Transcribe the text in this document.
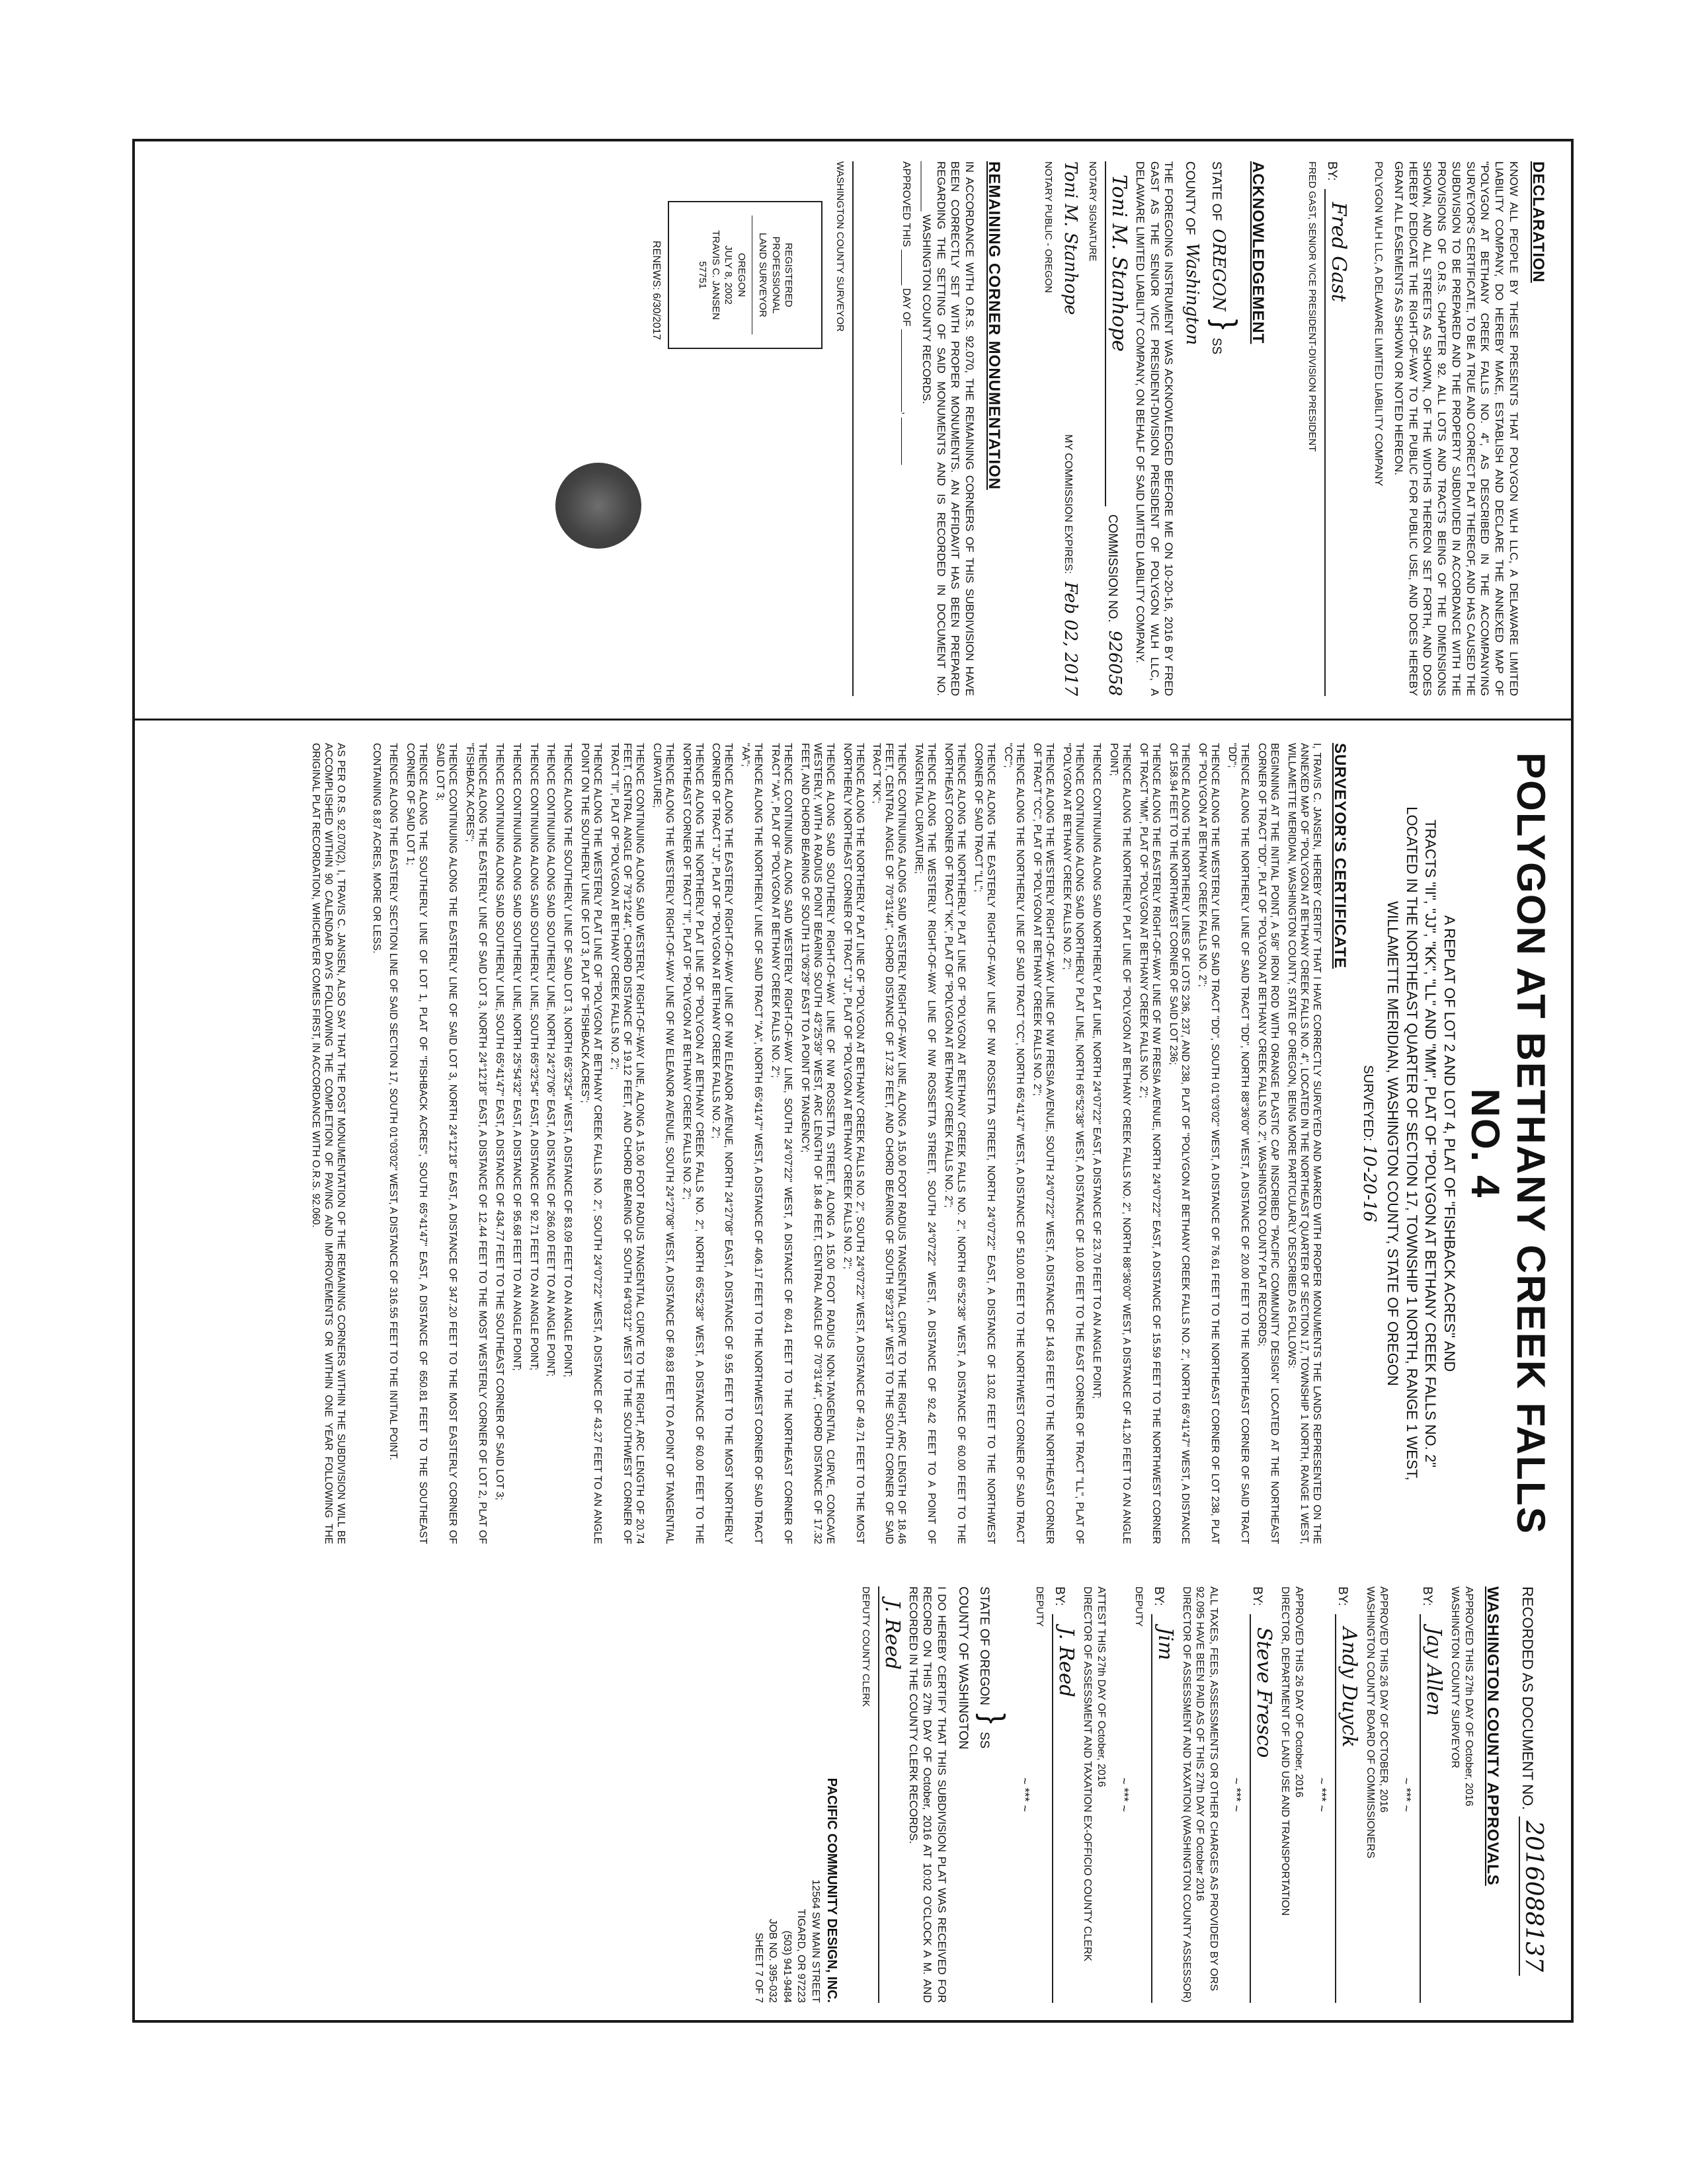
DECLARATION

KNOW ALL PEOPLE BY THESE PRESENTS THAT POLYGON WLH LLC, A DELAWARE LIMITED LIABILITY COMPANY, DO HEREBY MAKE, ESTABLISH AND DECLARE THE ANNEXED MAP OF "POLYGON AT BETHANY CREEK FALLS NO. 4", AS DESCRIBED IN THE ACCOMPANYING SURVEYOR'S CERTIFICATE, TO BE A TRUE AND CORRECT PLAT THEREOF, AND HAS CAUSED THE SUBDIVISION TO BE PREPARED AND THE PROPERTY SUBDIVIDED IN ACCORDANCE WITH THE PROVISIONS OF O.R.S. CHAPTER 92. ALL LOTS AND TRACTS BEING OF THE DIMENSIONS SHOWN, AND ALL STREETS AS SHOWN, OF THE WIDTHS THEREON SET FORTH, AND DOES HEREBY DEDICATE THE RIGHT-OF-WAY TO THE PUBLIC FOR PUBLIC USE, AND DOES HEREBY GRANT ALL EASEMENTS AS SHOWN OR NOTED HEREON.

POLYGON WLH LLC, A DELAWARE LIMITED LIABILITY COMPANY
BY:
Fred Gast
FRED GAST, SENIOR VICE PRESIDENT-DIVISION PRESIDENT
ACKNOWLEDGEMENT
STATE OF
OREGON
}
SS
COUNTY OF
Washington

THE FOREGOING INSTRUMENT WAS ACKNOWLEDGED BEFORE ME ON 10-20-16, 2016 BY FRED GAST AS THE SENIOR VICE PRESIDENT-DIVISION PRESIDENT OF POLYGON WLH LLC, A DELAWARE LIMITED LIABILITY COMPANY, ON BEHALF OF SAID LIMITED LIABILITY COMPANY.

Toni M. Stanhope
COMMISSION NO.
926058
NOTARY SIGNATURE
Toni M. Stanhope
MY COMMISSION EXPIRES:
Feb 02, 2017
NOTARY PUBLIC - OREGON
REMAINING CORNER MONUMENTATION

IN ACCORDANCE WITH O.R.S. 92.070, THE REMAINING CORNERS OF THIS SUBDIVISION HAVE BEEN CORRECTLY SET WITH PROPER MONUMENTS. AN AFFIDAVIT HAS BEEN PREPARED REGARDING THE SETTING OF SAID MONUMENTS AND IS RECORDED IN DOCUMENT NO. ________ WASHINGTON COUNTY RECORDS.

APPROVED THIS ______ DAY OF ______________, ________
WASHINGTON COUNTY SURVEYOR
REGISTERED
PROFESSIONAL
LAND SURVEYOR
OREGON
JULY 8, 2002
TRAVIS C. JANSEN
57751
RENEWS: 6/30/2017
POLYGON AT BETHANY CREEK FALLS NO. 4

A REPLAT OF LOT 2 AND LOT 4, PLAT OF "FISHBACK ACRES" AND

TRACTS "II", "JJ", "KK", "LL" AND "MM", PLAT OF "POLYGON AT BETHANY CREEK FALLS NO. 2"

LOCATED IN THE NORTHEAST QUARTER OF SECTION 17, TOWNSHIP 1 NORTH, RANGE 1 WEST,

WILLAMETTE MERIDIAN, WASHINGTON COUNTY, STATE OF OREGON

SURVEYED: 10-20-16
SURVEYOR'S CERTIFICATE

I, TRAVIS C. JANSEN, HEREBY CERTIFY THAT I HAVE CORRECTLY SURVEYED AND MARKED WITH PROPER MONUMENTS THE LANDS REPRESENTED ON THE ANNEXED MAP OF "POLYGON AT BETHANY CREEK FALLS NO. 4", LOCATED IN THE NORTHEAST QUARTER OF SECTION 17, TOWNSHIP 1 NORTH, RANGE 1 WEST, WILLAMETTE MERIDIAN, WASHINGTON COUNTY, STATE OF OREGON, BEING MORE PARTICULARLY DESCRIBED AS FOLLOWS:

BEGINNING AT THE INITIAL POINT, A 5/8" IRON ROD WITH ORANGE PLASTIC CAP INSCRIBED "PACIFIC COMMUNITY DESIGN" LOCATED AT THE NORTHEAST CORNER OF TRACT "DD", PLAT OF "POLYGON AT BETHANY CREEK FALLS NO. 2", WASHINGTON COUNTY PLAT RECORDS;

THENCE ALONG THE NORTHERLY LINE OF SAID TRACT "DD", NORTH 88°36'00" WEST, A DISTANCE OF 20.00 FEET TO THE NORTHEAST CORNER OF SAID TRACT "DD";

THENCE ALONG THE WESTERLY LINE OF SAID TRACT "DD", SOUTH 01°03'02" WEST, A DISTANCE OF 76.61 FEET TO THE NORTHEAST CORNER OF LOT 238, PLAT OF "POLYGON AT BETHANY CREEK FALLS NO. 2";

THENCE ALONG THE NORTHERLY LINES OF LOTS 236, 237, AND 238, PLAT OF "POLYGON AT BETHANY CREEK FALLS NO. 2", NORTH 65°41'47" WEST, A DISTANCE OF 158.94 FEET TO THE NORTHWEST CORNER OF SAID LOT 236;

THENCE ALONG THE EASTERLY RIGHT-OF-WAY LINE OF NW FRESIA AVENUE, NORTH 24°07'22" EAST, A DISTANCE OF 15.59 FEET TO THE NORTHWEST CORNER OF TRACT "MM", PLAT OF "POLYGON AT BETHANY CREEK FALLS NO. 2";

THENCE ALONG THE NORTHERLY PLAT LINE OF "POLYGON AT BETHANY CREEK FALLS NO. 2", NORTH 88°36'00" WEST, A DISTANCE OF 41.20 FEET TO AN ANGLE POINT;

THENCE CONTINUING ALONG SAID NORTHERLY PLAT LINE, NORTH 24°07'22" EAST, A DISTANCE OF 23.70 FEET TO AN ANGLE POINT;

THENCE CONTINUING ALONG SAID NORTHERLY PLAT LINE, NORTH 65°52'38" WEST, A DISTANCE OF 10.00 FEET TO THE EAST CORNER OF TRACT "LL", PLAT OF "POLYGON AT BETHANY CREEK FALLS NO. 2";

THENCE ALONG THE WESTERLY RIGHT-OF-WAY LINE OF NW FRESIA AVENUE, SOUTH 24°07'22" WEST, A DISTANCE OF 14.63 FEET TO THE NORTHEAST CORNER OF TRACT "CC", PLAT OF "POLYGON AT BETHANY CREEK FALLS NO. 2";

THENCE ALONG THE NORTHERLY LINE OF SAID TRACT "CC", NORTH 65°41'47" WEST, A DISTANCE OF 510.00 FEET TO THE NORTHWEST CORNER OF SAID TRACT "CC";

THENCE ALONG THE EASTERLY RIGHT-OF-WAY LINE OF NW ROSSETTA STREET, NORTH 24°07'22" EAST, A DISTANCE OF 13.02 FEET TO THE NORTHWEST CORNER OF SAID TRACT "LL";

THENCE ALONG THE NORTHERLY PLAT LINE OF "POLYGON AT BETHANY CREEK FALLS NO. 2", NORTH 65°52'38" WEST, A DISTANCE OF 60.00 FEET TO THE NORTHEAST CORNER OF TRACT "KK", PLAT OF "POLYGON AT BETHANY CREEK FALLS NO. 2";

THENCE ALONG THE WESTERLY RIGHT-OF-WAY LINE OF NW ROSSETTA STREET, SOUTH 24°07'22" WEST, A DISTANCE OF 92.42 FEET TO A POINT OF TANGENTIAL CURVATURE;

THENCE CONTINUING ALONG SAID WESTERLY RIGHT-OF-WAY LINE, ALONG A 15.00 FOOT RADIUS TANGENTIAL CURVE TO THE RIGHT, ARC LENGTH OF 18.46 FEET, CENTRAL ANGLE OF 70°31'44", CHORD DISTANCE OF 17.32 FEET, AND CHORD BEARING OF SOUTH 59°23'14" WEST TO THE SOUTH CORNER OF SAID TRACT "KK";

THENCE ALONG THE NORTHERLY PLAT LINE OF "POLYGON AT BETHANY CREEK FALLS NO. 2", SOUTH 24°07'22" WEST, A DISTANCE OF 49.71 FEET TO THE MOST NORTHERLY NORTHEAST CORNER OF TRACT "JJ", PLAT OF "POLYGON AT BETHANY CREEK FALLS NO. 2";

THENCE ALONG SAID SOUTHERLY RIGHT-OF-WAY LINE OF NW ROSSETTA STREET, ALONG A 15.00 FOOT RADIUS NON-TANGENTIAL CURVE, CONCAVE WESTERLY, WITH A RADIUS POINT BEARING SOUTH 43°25'39" WEST, ARC LENGTH OF 18.46 FEET, CENTRAL ANGLE OF 70°31'44", CHORD DISTANCE OF 17.32 FEET, AND CHORD BEARING OF SOUTH 11°06'29" EAST TO A POINT OF TANGENCY;

THENCE CONTINUING ALONG SAID WESTERLY RIGHT-OF-WAY LINE, SOUTH 24°07'22" WEST, A DISTANCE OF 60.41 FEET TO THE NORTHEAST CORNER OF TRACT "AA", PLAT OF "POLYGON AT BETHANY CREEK FALLS NO. 2";

THENCE ALONG THE NORTHERLY LINE OF SAID TRACT "AA", NORTH 65°41'47" WEST, A DISTANCE OF 406.17 FEET TO THE NORTHWEST CORNER OF SAID TRACT "AA";

THENCE ALONG THE EASTERLY RIGHT-OF-WAY LINE OF NW ELEANOR AVENUE, NORTH 24°27'08" EAST, A DISTANCE OF 9.55 FEET TO THE MOST NORTHERLY CORNER OF TRACT "JJ", PLAT OF "POLYGON AT BETHANY CREEK FALLS NO. 2";

THENCE ALONG THE NORTHERLY PLAT LINE OF "POLYGON AT BETHANY CREEK FALLS NO. 2", NORTH 65°52'38" WEST, A DISTANCE OF 60.00 FEET TO THE NORTHEAST CORNER OF TRACT "II", PLAT OF "POLYGON AT BETHANY CREEK FALLS NO. 2";

THENCE ALONG THE WESTERLY RIGHT-OF-WAY LINE OF NW ELEANOR AVENUE, SOUTH 24°27'08" WEST, A DISTANCE OF 89.83 FEET TO A POINT OF TANGENTIAL CURVATURE;

THENCE CONTINUING ALONG SAID WESTERLY RIGHT-OF-WAY LINE, ALONG A 15.00 FOOT RADIUS TANGENTIAL CURVE TO THE RIGHT, ARC LENGTH OF 20.74 FEET, CENTRAL ANGLE OF 79°12'44", CHORD DISTANCE OF 19.12 FEET, AND CHORD BEARING OF SOUTH 64°03'12" WEST TO THE SOUTHWEST CORNER OF TRACT "II", PLAT OF "POLYGON AT BETHANY CREEK FALLS NO. 2";

THENCE ALONG THE WESTERLY PLAT LINE OF "POLYGON AT BETHANY CREEK FALLS NO. 2", SOUTH 24°07'22" WEST, A DISTANCE OF 43.27 FEET TO AN ANGLE POINT ON THE SOUTHERLY LINE OF LOT 3, PLAT OF "FISHBACK ACRES";

THENCE ALONG THE SOUTHERLY LINE OF SAID LOT 3, NORTH 65°32'54" WEST, A DISTANCE OF 83.09 FEET TO AN ANGLE POINT;

THENCE CONTINUING ALONG SAID SOUTHERLY LINE, NORTH 24°27'06" EAST, A DISTANCE OF 266.00 FEET TO AN ANGLE POINT;

THENCE CONTINUING ALONG SAID SOUTHERLY LINE, SOUTH 65°32'54" EAST, A DISTANCE OF 92.71 FEET TO AN ANGLE POINT;

THENCE CONTINUING ALONG SAID SOUTHERLY LINE, NORTH 25°54'32" EAST, A DISTANCE OF 95.68 FEET TO AN ANGLE POINT;

THENCE CONTINUING ALONG SAID SOUTHERLY LINE, SOUTH 65°41'47" EAST, A DISTANCE OF 434.77 FEET TO THE SOUTHEAST CORNER OF SAID LOT 3;

THENCE ALONG THE EASTERLY LINE OF SAID LOT 3, NORTH 24°12'18" EAST, A DISTANCE OF 12.44 FEET TO THE MOST WESTERLY CORNER OF LOT 2, PLAT OF "FISHBACK ACRES";

THENCE CONTINUING ALONG THE EASTERLY LINE OF SAID LOT 3, NORTH 24°12'18" EAST, A DISTANCE OF 347.20 FEET TO THE MOST EASTERLY CORNER OF SAID LOT 3;

THENCE ALONG THE SOUTHERLY LINE OF LOT 1, PLAT OF "FISHBACK ACRES", SOUTH 65°41'47" EAST, A DISTANCE OF 650.81 FEET TO THE SOUTHEAST CORNER OF SAID LOT 1;

THENCE ALONG THE EASTERLY SECTION LINE OF SAID SECTION 17, SOUTH 01°03'02" WEST, A DISTANCE OF 316.55 FEET TO THE INITIAL POINT.

CONTAINING 8.87 ACRES, MORE OR LESS.

AS PER O.R.S. 92.070(2), I, TRAVIS C. JANSEN, ALSO SAY THAT THE POST MONUMENTATION OF THE REMAINING CORNERS WITHIN THE SUBDIVISION WILL BE ACCOMPLISHED WITHIN 90 CALENDAR DAYS FOLLOWING THE COMPLETION OF PAVING AND IMPROVEMENTS OR WITHIN ONE YEAR FOLLOWING THE ORIGINAL PLAT RECORDATION, WHICHEVER COMES FIRST, IN ACCORDANCE WITH O.R.S. 92.060.

RECORDED AS DOCUMENT NO.
2016088137
WASHINGTON COUNTY APPROVALS
APPROVED THIS 27th DAY OF October, 2016
WASHINGTON COUNTY SURVEYOR
BY:
Jay Allen
~ *** ~
APPROVED THIS 26 DAY OF OCTOBER, 2016
WASHINGTON COUNTY BOARD OF COMMISSIONERS
BY:
Andy Duyck
~ *** ~
APPROVED THIS 26 DAY OF October, 2016
DIRECTOR, DEPARTMENT OF LAND USE AND TRANSPORTATION
BY:
Steve Fresco
~ *** ~
ALL TAXES, FEES, ASSESSMENTS OR OTHER CHARGES AS PROVIDED BY ORS 92.095 HAVE BEEN PAID AS OF THIS 27th DAY OF October 2016
DIRECTOR OF ASSESSMENT AND TAXATION (WASHINGTON COUNTY ASSESSOR)
BY:
Jim
DEPUTY
~ *** ~
ATTEST THIS 27th DAY OF October, 2016
DIRECTOR OF ASSESSMENT AND TAXATION EX-OFFICIO COUNTY CLERK
BY:
J. Reed
DEPUTY
~ *** ~
STATE OF OREGON
}
SS
COUNTY OF WASHINGTON

I DO HEREBY CERTIFY THAT THIS SUBDIVISION PLAT WAS RECEIVED FOR RECORD ON THIS 27th DAY OF October, 2016 AT 10:02 O'CLOCK A M. AND RECORDED IN THE COUNTY CLERK RECORDS.

J. Reed
DEPUTY COUNTY CLERK
PACIFIC COMMUNITY DESIGN, INC.
12564 SW MAIN STREET
TIGARD, OR 97223
(503) 941-9484
JOB NO. 395-032
SHEET 7 OF 7
